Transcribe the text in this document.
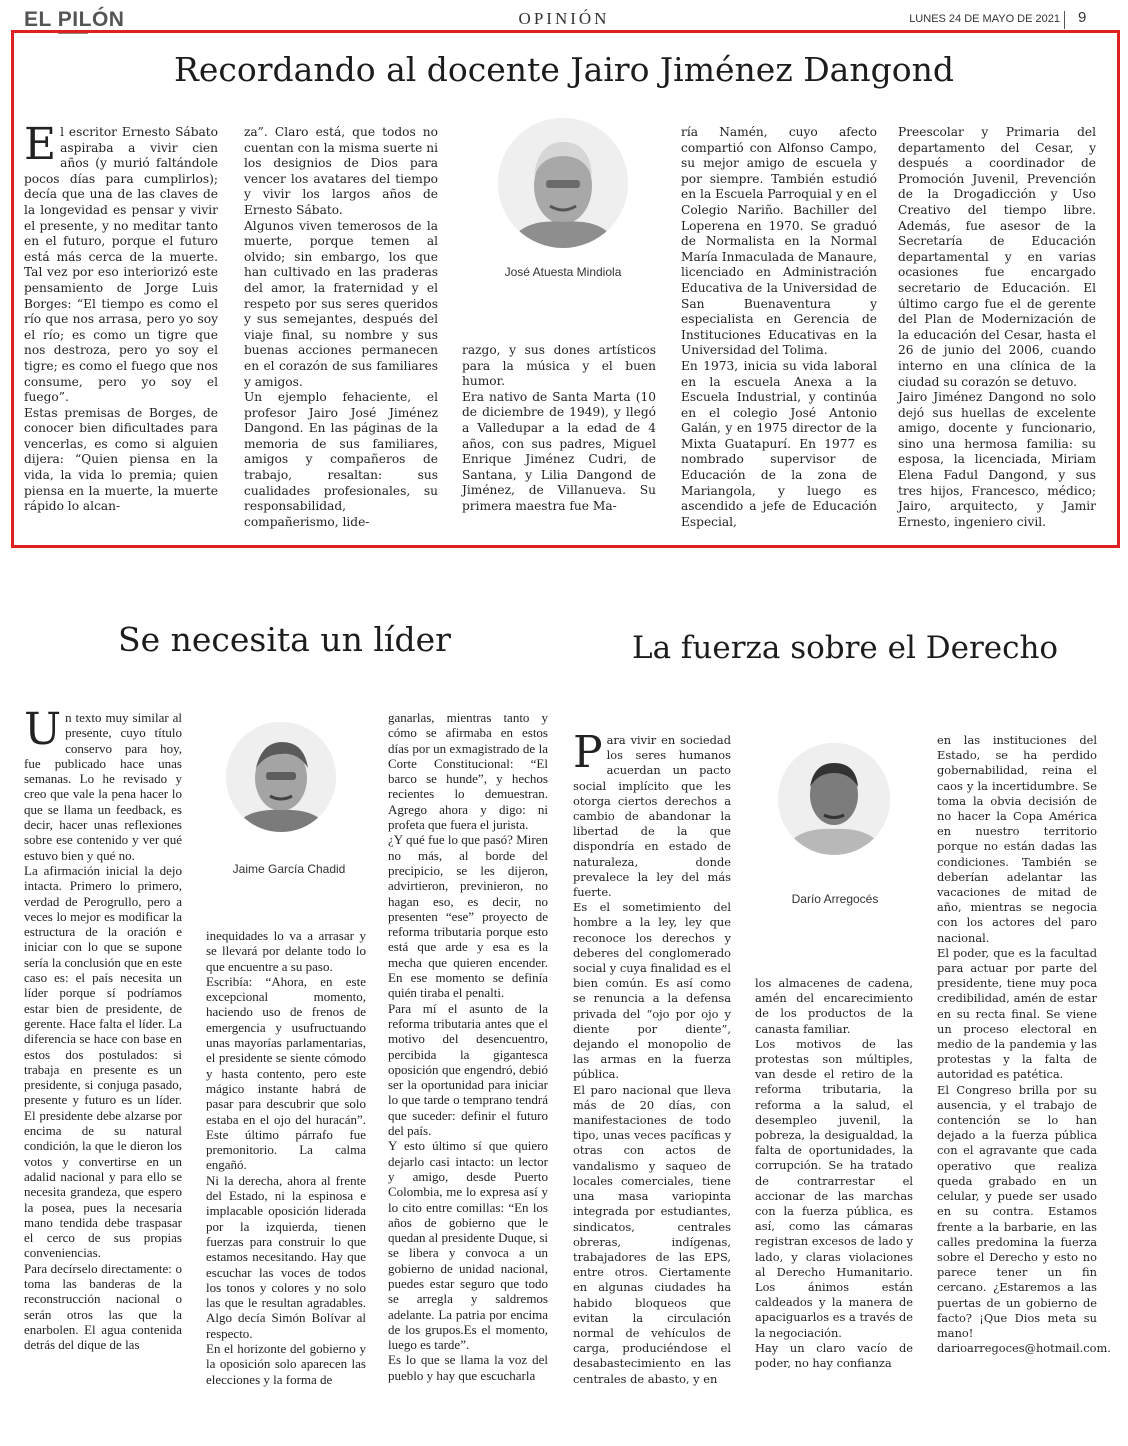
EL PILÓN	OPINIÓN	LUNES 24 DE MAYO DE 2021 9
Recordando al docente Jairo Jiménez Dangond
E l escritor Ernesto Sábato aspiraba a vivir cien años (y murió faltándole pocos días para cumplirlos); decía que una de las claves de la longevidad es pensar y vivir el presente, y no meditar tanto en el futuro, porque el futuro está más cerca de la muerte. Tal vez por eso interiorizó este pensamiento de Jorge Luis Borges: “El tiempo es como el río que nos arrasa, pero yo soy el río; es como un tigre que nos destroza, pero yo soy el tigre; es como el fuego que nos consume, pero yo soy el fuego”.

Estas premisas de Borges, de conocer bien dificultades para vencerlas, es como si alguien dijera: “Quien piensa en la vida, la vida lo premia; quien piensa en la muerte, la muerte rápido lo alcan-

za”. Claro está, que todos no cuentan con la misma suerte ni los designios de Dios para vencer los avatares del tiempo y vivir los largos años de Ernesto Sábato.

Algunos viven temerosos de la muerte, porque temen al olvido; sin embargo, los que han cultivado en las praderas del amor, la fraternidad y el respeto por sus seres queridos y sus semejantes, después del viaje final, su nombre y sus buenas acciones permanecen en el corazón de sus familiares y amigos.

Un ejemplo fehaciente, el profesor Jairo José Jiménez Dangond. En las páginas de la memoria de sus familiares, amigos y compañeros de trabajo, resaltan: sus cualidades profesionales, su responsabilidad, compañerismo, lide-

José Atuesta Mindiola

razgo, y sus dones artísticos para la música y el buen humor.

Era nativo de Santa Marta (10 de diciembre de 1949), y llegó a Valledupar a la edad de 4 años, con sus padres, Miguel Enrique Jiménez Cudri, de Santana, y Lilia Dangond de Jiménez, de Villanueva. Su primera maestra fue Ma-

ría Namén, cuyo afecto compartió con Alfonso Campo, su mejor amigo de escuela y por siempre. También estudió en la Escuela Parroquial y en el Colegio Nariño. Bachiller del Loperena en 1970. Se graduó de Normalista en la Normal María Inmaculada de Manaure, licenciado en Administración Educativa de la Universidad de San Buenaventura y especialista en Gerencia de Instituciones Educativas en la Universidad del Tolima.

En 1973, inicia su vida laboral en la escuela Anexa a la Escuela Industrial, y continúa en el colegio José Antonio Galán, y en 1975 director de la Mixta Guatapurí. En 1977 es nombrado supervisor de Educación de la zona de Mariangola, y luego es ascendido a jefe de Educación Especial,

Preescolar y Primaria del departamento del Cesar, y después a coordinador de Promoción Juvenil, Prevención de la Drogadicción y Uso Creativo del tiempo libre. Además, fue asesor de la Secretaría de Educación departamental y en varias ocasiones fue encargado secretario de Educación. El último cargo fue el de gerente del Plan de Modernización de la educación del Cesar, hasta el 26 de junio del 2006, cuando interno en una clínica de la ciudad su corazón se detuvo.

Jairo Jiménez Dangond no solo dejó sus huellas de excelente amigo, docente y funcionario, sino una hermosa familia: su esposa, la licenciada, Miriam Elena Fadul Dangond, y sus tres hijos, Francesco, médico; Jairo, arquitecto, y Jamir Ernesto, ingeniero civil.

Se necesita un líder
U n texto muy similar al presente, cuyo título conservo para hoy, fue publicado hace unas semanas. Lo he revisado y creo que vale la pena hacer lo que se llama un feedback, es decir, hacer unas reflexiones sobre ese contenido y ver qué estuvo bien y qué no.

La afirmación inicial la dejo intacta. Primero lo primero, verdad de Perogrullo, pero a veces lo mejor es modificar la estructura de la oración e iniciar con lo que se supone sería la conclusión que en este caso es: el país necesita un líder porque sí podríamos estar bien de presidente, de gerente. Hace falta el líder. La diferencia se hace con base en estos dos postulados: si trabaja en presente es un presidente, si conjuga pasado, presente y futuro es un líder. El presidente debe alzarse por encima de su natural condición, la que le dieron los votos y convertirse en un adalid nacional y para ello se necesita grandeza, que espero la posea, pues la necesaria mano tendida debe traspasar el cerco de sus propias conveniencias.

Para decírselo directamente: o toma las banderas de la reconstrucción nacional o serán otros las que la enarbolen. El agua contenida detrás del dique de las

Jaime García Chadid

inequidades lo va a arrasar y se llevará por delante todo lo que encuentre a su paso.

Escribía: “Ahora, en este excepcional momento, haciendo uso de frenos de emergencia y usufructuando unas mayorías parlamentarias, el presidente se siente cómodo y hasta contento, pero este mágico instante habrá de pasar para descubrir que solo estaba en el ojo del huracán”. Este último párrafo fue premonitorio. La calma engañó.

Ni la derecha, ahora al frente del Estado, ni la espinosa e implacable oposición liderada por la izquierda, tienen fuerzas para construir lo que estamos necesitando. Hay que escuchar las voces de todos los tonos y colores y no solo las que le resultan agradables. Algo decía Simón Bolívar al respecto.

En el horizonte del gobierno y la oposición solo aparecen las elecciones y la forma de

ganarlas, mientras tanto y cómo se afirmaba en estos días por un exmagistrado de la Corte Constitucional: “El barco se hunde”, y hechos recientes lo demuestran. Agrego ahora y digo: ni profeta que fuera el jurista.

¿Y qué fue lo que pasó? Miren no más, al borde del precipicio, se les dijeron, advirtieron, previnieron, no hagan eso, es decir, no presenten “ese” proyecto de reforma tributaria porque esto está que arde y esa es la mecha que quieren encender. En ese momento se definía quién tiraba el penalti.

Para mí el asunto de la reforma tributaria antes que el motivo del desencuentro, percibida la gigantesca oposición que engendró, debió ser la oportunidad para iniciar lo que tarde o temprano tendrá que suceder: definir el futuro del país.

Y esto último sí que quiero dejarlo casi intacto: un lector y amigo, desde Puerto Colombia, me lo expresa así y lo cito entre comillas: “En los años de gobierno que le quedan al presidente Duque, si se libera y convoca a un gobierno de unidad nacional, puedes estar seguro que todo se arregla y saldremos adelante. La patria por encima de los grupos.Es el momento, luego es tarde”.

Es lo que se llama la voz del pueblo y hay que escucharla

La fuerza sobre el Derecho
P ara vivir en sociedad los seres humanos acuerdan un pacto social implícito que les otorga ciertos derechos a cambio de abandonar la libertad de la que dispondría en estado de naturaleza, donde prevalece la ley del más fuerte.

Es el sometimiento del hombre a la ley, ley que reconoce los derechos y deberes del conglomerado social y cuya finalidad es el bien común. Es así como se renuncia a la defensa privada del “ojo por ojo y diente por diente”, dejando el monopolio de las armas en la fuerza pública.

El paro nacional que lleva más de 20 días, con manifestaciones de todo tipo, unas veces pacíficas y otras con actos de vandalismo y saqueo de locales comerciales, tiene una masa variopinta integrada por estudiantes, sindicatos, centrales obreras, indígenas, trabajadores de las EPS, entre otros. Ciertamente en algunas ciudades ha habido bloqueos que evitan la circulación normal de vehículos de carga, produciéndose el desabastecimiento en las centrales de abasto, y en

Darío Arregocés

los almacenes de cadena, amén del encarecimiento de los productos de la canasta familiar.

Los motivos de las protestas son múltiples, van desde el retiro de la reforma tributaria, la reforma a la salud, el desempleo juvenil, la pobreza, la desigualdad, la falta de oportunidades, la corrupción. Se ha tratado de contrarrestar el accionar de las marchas con la fuerza pública, es así, como las cámaras registran excesos de lado y lado, y claras violaciones al Derecho Humanitario. Los ánimos están caldeados y la manera de apaciguarlos es a través de la negociación.

Hay un claro vacío de poder, no hay confianza

en las instituciones del Estado, se ha perdido gobernabilidad, reina el caos y la incertidumbre. Se toma la obvia decisión de no hacer la Copa América en nuestro territorio porque no están dadas las condiciones. También se deberían adelantar las vacaciones de mitad de año, mientras se negocia con los actores del paro nacional.

El poder, que es la facultad para actuar por parte del presidente, tiene muy poca credibilidad, amén de estar en su recta final. Se viene un proceso electoral en medio de la pandemia y las protestas y la falta de autoridad es patética.

El Congreso brilla por su ausencia, y el trabajo de contención se lo han dejado a la fuerza pública con el agravante que cada operativo que realiza queda grabado en un celular, y puede ser usado en su contra. Estamos frente a la barbarie, en las calles predomina la fuerza sobre el Derecho y esto no parece tener un fin cercano. ¿Estaremos a las puertas de un gobierno de facto? ¡Que Dios meta su mano! darioarregoces@hotmail.com.
